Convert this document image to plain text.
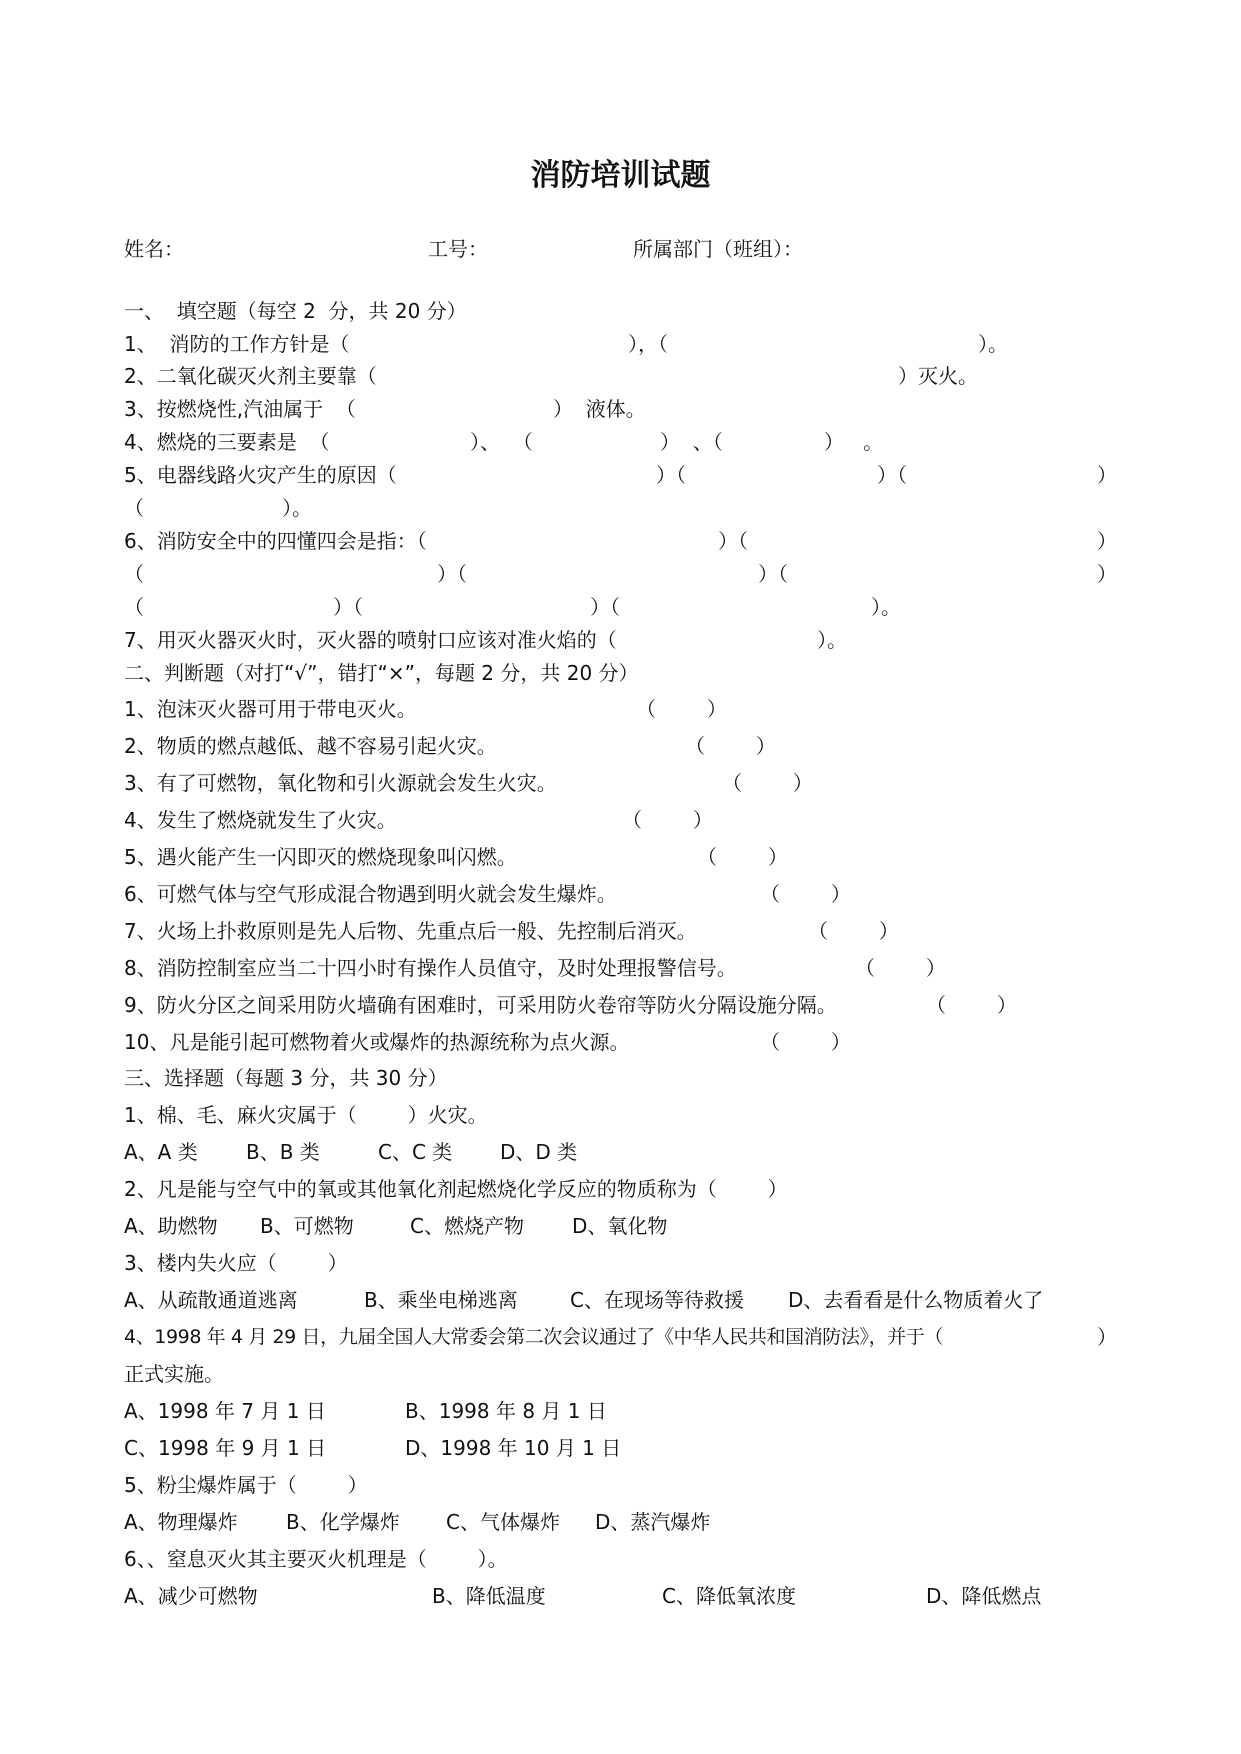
消防培训试题
姓名：	工号：	所属部门（班组）：
一、  填空题（每空 2  分，共 20 分）
1、  消防的工作方针是（	），（	）。
2、二氧化碳灭火剂主要靠（	）灭火。
3、按燃烧性,汽油属于  （	）  液体。
4、燃烧的三要素是  （	）、  （	）  、（	）   。
5、电器线路火灾产生的原因（	）（	）（	）
（	）。
6、消防安全中的四懂四会是指：（	）（	）
（	）（	）（	）
（	）（	）（	）。
7、用灭火器灭火时，灭火器的喷射口应该对准火焰的（	）。
二、判断题（对打“√”，错打“×”，每题 2 分，共 20 分）
1、泡沫灭火器可用于带电灭火。	（        ）
2、物质的燃点越低、越不容易引起火灾。	（        ）
3、有了可燃物，氧化物和引火源就会发生火灾。	（        ）
4、发生了燃烧就发生了火灾。	（        ）
5、遇火能产生一闪即灭的燃烧现象叫闪燃。	（        ）
6、可燃气体与空气形成混合物遇到明火就会发生爆炸。	（        ）
7、火场上扑救原则是先人后物、先重点后一般、先控制后消灭。	（        ）
8、消防控制室应当二十四小时有操作人员值守，及时处理报警信号。	（        ）
9、防火分区之间采用防火墙确有困难时，可采用防火卷帘等防火分隔设施分隔。	（        ）
10、凡是能引起可燃物着火或爆炸的热源统称为点火源。	（        ）
三、选择题（每题 3 分，共 30 分）
1、棉、毛、麻火灾属于（        ）火灾。
A、A 类 B、B 类	C、C 类 D、D 类
2、凡是能与空气中的氧或其他氧化剂起燃烧化学反应的物质称为（        ）
A、助燃物 B、可燃物	C、燃烧产物 D、氧化物
3、楼内失火应（        ）
A、从疏散通道逃离	B、乘坐电梯逃离	C、在现场等待救援 D、去看看是什么物质着火了
4、1998 年 4 月 29 日，九届全国人大常委会第二次会议通过了《中华人民共和国消防法》，并于（	）
正式实施。
A、1998 年 7 月 1 日	B、1998 年 8 月 1 日
C、1998 年 9 月 1 日	D、1998 年 10 月 1 日
5、粉尘爆炸属于（        ）
A、物理爆炸 B、化学爆炸 C、气体爆炸 D、蒸汽爆炸
6、、窒息灭火其主要灭火机理是（        ）。
A、减少可燃物	B、降低温度	C、降低氧浓度	D、降低燃点
